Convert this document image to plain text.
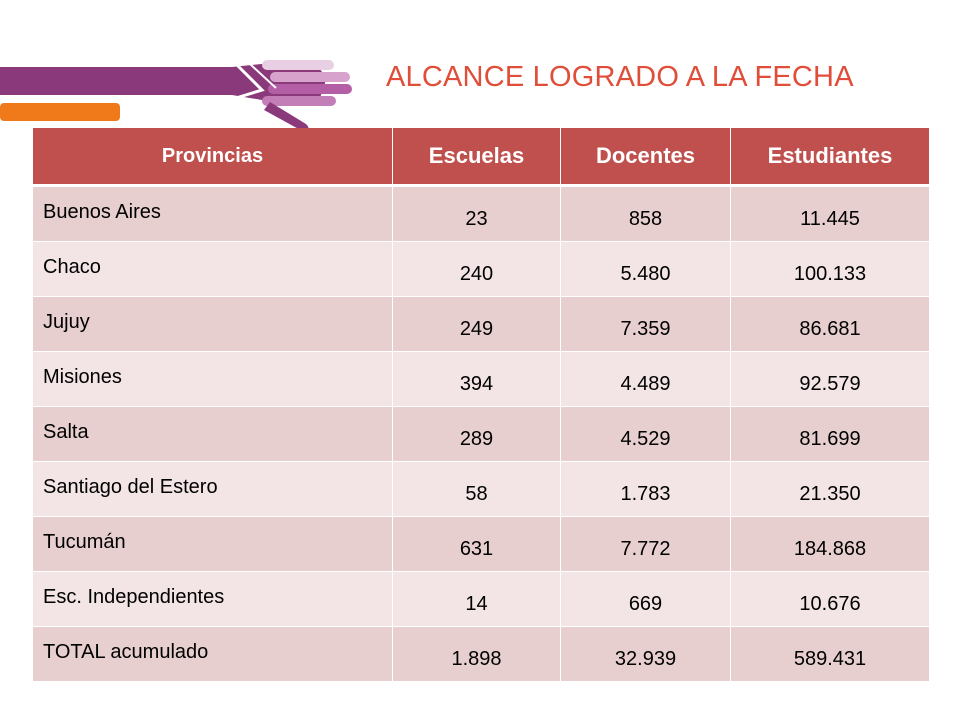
ALCANCE LOGRADO A LA FECHA
Provincias	Escuelas	Docentes	Estudiantes
Buenos Aires	23	858	11.445
Chaco	240	5.480	100.133
Jujuy	249	7.359	86.681
Misiones	394	4.489	92.579
Salta	289	4.529	81.699
Santiago del Estero	58	1.783	21.350
Tucumán	631	7.772	184.868
Esc. Independientes	14	669	10.676
TOTAL acumulado	1.898	32.939	589.431
